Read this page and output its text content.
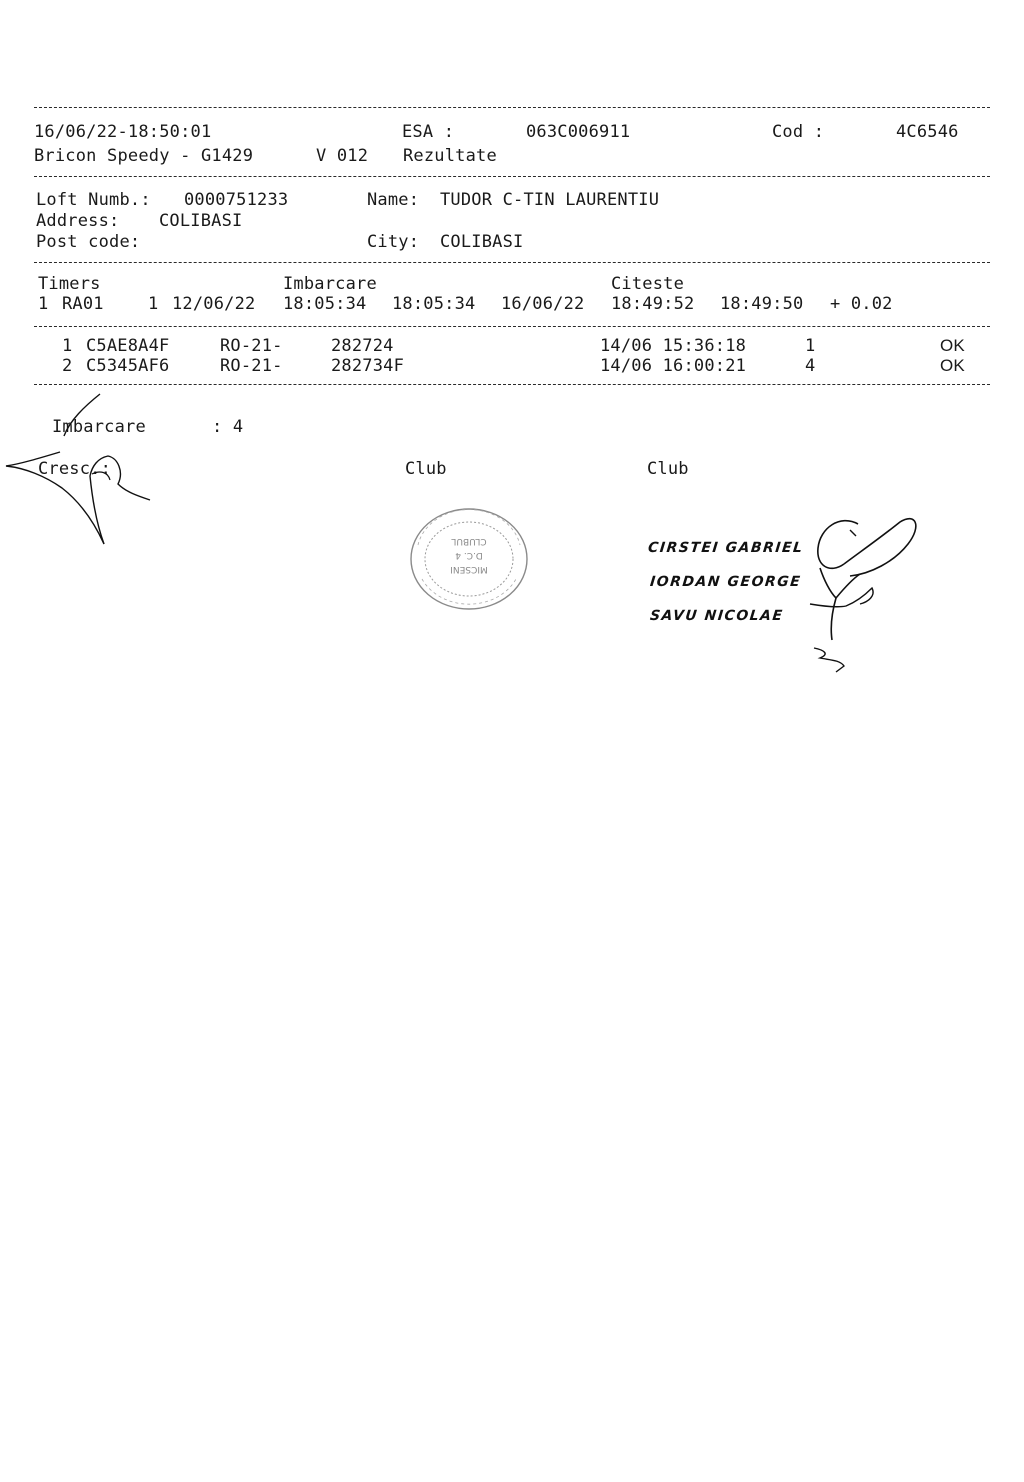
16/06/22-18:50:01	ESA :	063C006911	Cod :	4C6546
Bricon Speedy - G1429	V 012 Rezultate
Loft Numb.: 0000751233	Name: TUDOR C-TIN LAURENTIU
Address: COLIBASI
Post code:	City: COLIBASI
Timers	Imbarcare	Citeste
1 RA01	1 12/06/22 18:05:34 18:05:34 16/06/22 18:49:52 18:49:50 + 0.02
1 C5AE8A4F	RO-21-	282724	14/06 15:36:18	1	OK
2 C5345AF6	RO-21-	282734F	14/06 16:00:21	4	OK
Imbarcare	: 4
Cresc.:	Club	Club
MICSENI
D.C. 4
CLUBUL	CIRSTEI GABRIEL
IORDAN GEORGE
SAVU NICOLAE
